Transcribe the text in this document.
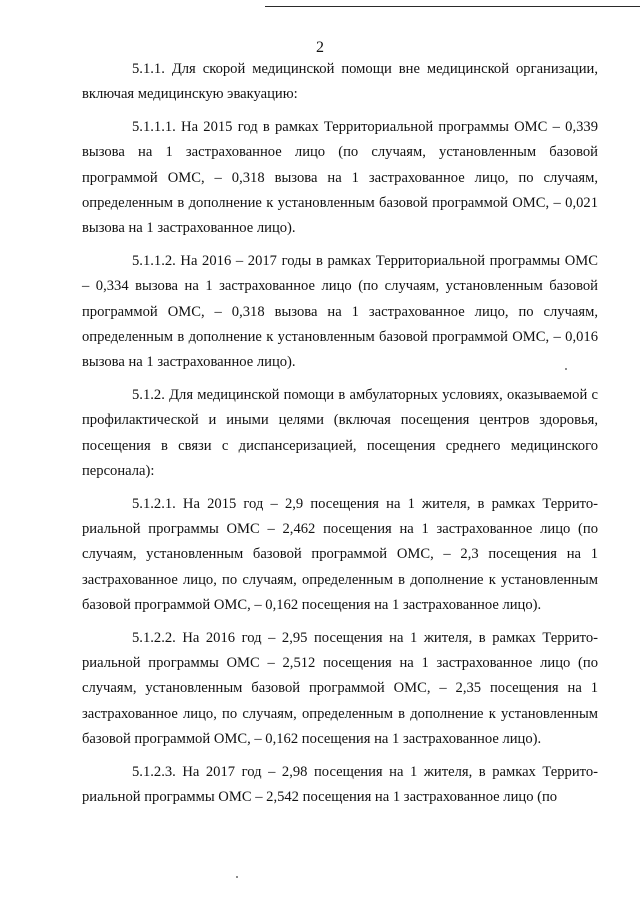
2

5.1.1. Для скорой медицинской помощи вне медицинской организации, включая медицинскую эвакуацию:

5.1.1.1. На 2015 год в рамках Территориальной программы ОМС – 0,339 вызова на 1 застрахованное лицо (по случаям, установленным базовой программой ОМС, – 0,318 вызова на 1 застрахованное лицо, по случаям, определенным в дополнение к установленным базовой программой ОМС, – 0,021 вызова на 1 застрахованное лицо).

5.1.1.2. На 2016 – 2017 годы в рамках Территориальной программы ОМС – 0,334 вызова на 1 застрахованное лицо (по случаям, установленным базовой программой ОМС, – 0,318 вызова на 1 застрахованное лицо, по случаям, определенным в дополнение к установленным базовой программой ОМС, – 0,016 вызова на 1 застрахованное лицо).

5.1.2. Для медицинской помощи в амбулаторных условиях, оказываемой с профилактической и иными целями (включая посещения центров здоровья, посещения в связи с диспансеризацией, посещения среднего медицинского персонала):

5.1.2.1. На 2015 год – 2,9 посещения на 1 жителя, в рамках Территориальной программы ОМС – 2,462 посещения на 1 застрахованное лицо (по случаям, установленным базовой программой ОМС, – 2,3 посещения на 1 застрахованное лицо, по случаям, определенным в дополнение к установленным базовой программой ОМС, – 0,162 посещения на 1 застрахованное лицо).

5.1.2.2. На 2016 год – 2,95 посещения на 1 жителя, в рамках Территориальной программы ОМС – 2,512 посещения на 1 застрахованное лицо (по случаям, установленным базовой программой ОМС, – 2,35 посещения на 1 застрахованное лицо, по случаям, определенным в дополнение к установленным базовой программой ОМС, – 0,162 посещения на 1 застрахованное лицо).

5.1.2.3. На 2017 год – 2,98 посещения на 1 жителя, в рамках Территориальной программы ОМС – 2,542 посещения на 1 застрахованное лицо (по
